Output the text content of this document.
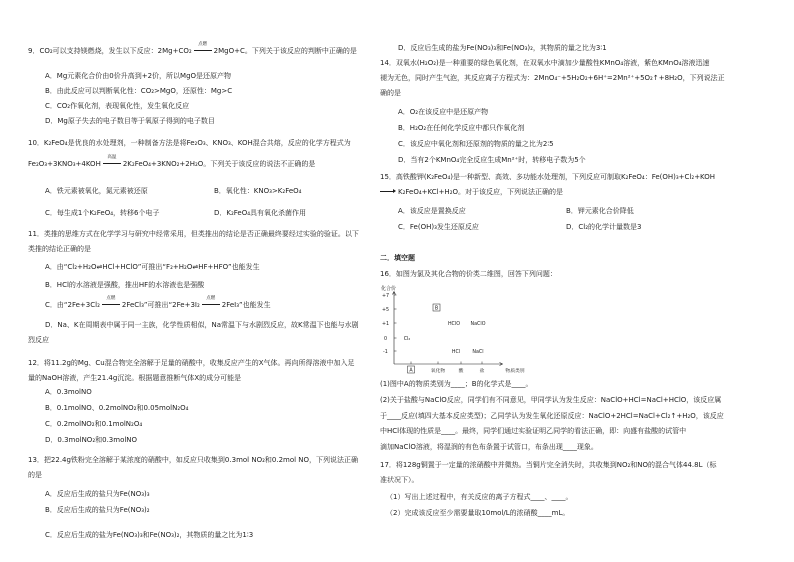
9．CO₂可以支持镁燃烧，发生以下反应：2Mg+CO₂
点燃
2MgO+C。下列关于该反应的判断中正确的是
A．Mg元素化合价由0价升高到+2价，所以MgO是还原产物
B．由此反应可以判断氧化性：CO₂>MgO，还原性：Mg>C
C．CO₂作氧化剂，表现氧化性，发生氧化反应
D．Mg原子失去的电子数目等于氧原子得到的电子数目
10．K₂FeO₄是优良的水处理剂，一种制备方法是将Fe₂O₃、KNO₃、KOH混合共熔，反应的化学方程式为
Fe₂O₃+3KNO₃+4KOH
高温
2K₂FeO₄+3KNO₂+2H₂O。下列关于该反应的说法不正确的是
A．铁元素被氧化，氮元素被还原	B．氧化性：KNO₃>K₂FeO₄
C．每生成1个K₂FeO₄，转移6个电子	D．K₂FeO₄具有氧化杀菌作用
11．类推的思维方式在化学学习与研究中经常采用，但类推出的结论是否正确最终要经过实验的验证。以下
类推的结论正确的是
A．由“Cl₂+H₂O⇌HCl+HClO”可推出“F₂+H₂O⇌HF+HFO”也能发生
B．HCl的水溶液是强酸，推出HF的水溶液也是强酸
C．由“2Fe+3Cl₂
点燃
2FeCl₃”可推出“2Fe+3I₂
点燃
2FeI₃”也能发生
D．Na、K在周期表中属于同一主族，化学性质相似，Na常温下与水剧烈反应，故K常温下也能与水剧
烈反应
12．将11.2g的Mg、Cu混合物完全溶解于足量的硝酸中，收集反应产生的X气体。再向所得溶液中加入足
量的NaOH溶液，产生21.4g沉淀。根据题意推断气体X的成分可能是
A．0.3molNO
B．0.1molNO、0.2molNO₂和0.05molN₂O₄
C．0.2molNO₂和0.1molN₂O₄
D．0.3molNO₂和0.3molNO
13．把22.4g铁粉完全溶解于某浓度的硝酸中，如反应只收集到0.3mol NO₂和0.2mol NO，下列说法正确
的是
A．反应后生成的盐只为Fe(NO₃)₃
B．反应后生成的盐只为Fe(NO₃)₂
C．反应后生成的盐为Fe(NO₃)₃和Fe(NO₃)₂，其物质的量之比为1∶3
D．反应后生成的盐为Fe(NO₃)₃和Fe(NO₃)₂，其物质的量之比为3∶1
14．双氧水(H₂O₂)是一种重要的绿色氧化剂，在双氧水中滴加少量酸性KMnO₄溶液，紫色KMnO₄溶液迅速
褪为无色，同时产生气泡，其反应离子方程式为：2MnO₄⁻+5H₂O₂+6H⁺=2Mn²⁺+5O₂↑+8H₂O，下列说法正
确的是
A．O₂在该反应中是还原产物
B．H₂O₂在任何化学反应中都只作氧化剂
C．该反应中氧化剂和还原剂的物质的量之比为2∶5
D．当有2个KMnO₄完全反应生成Mn²⁺时，转移电子数为5个
15．高铁酸钾(K₂FeO₄)是一种新型、高效、多功能水处理剂，下列反应可制取K₂FeO₄：Fe(OH)₃+Cl₂+KOH
K₂FeO₄+KCl+H₂O。对于该反应，下列说法正确的是
A．该反应是置换反应	B．钾元素化合价降低
C．Fe(OH)₃发生还原反应	D．Cl₂的化学计量数是3
二．填空题
16．如图为氯及其化合物的价类二维图，回答下列问题：
化合价
+7
+5
+1
0
-1
A	氧化物	酸	盐	物质类别
B
HClO NaClO
Cl₂
HCl	NaCl
(1)图中A的物质类别为____；B的化学式是____。
(2)关于盐酸与NaClO反应，同学们有不同意见，甲同学认为发生反应：NaClO+HCl=NaCl+HClO，该反应属
于____反应(填四大基本反应类型)；乙同学认为发生氧化还原反应：NaClO+2HCl=NaCl+Cl₂↑+H₂O，该反应
中HCl体现的性质是____。最终，同学们通过实验证明乙同学的看法正确，即：向盛有盐酸的试管中
滴加NaClO溶液，将湿润的有色布条置于试管口，布条出现____现象。
17．将128g铜置于一定量的浓硝酸中并微热。当铜片完全消失时，共收集到NO₂和NO的混合气体44.8L（标
准状况下）。
（1）写出上述过程中，有关反应的离子方程式____、____。
（2）完成该反应至少需要量取10mol/L的浓硝酸____mL。
